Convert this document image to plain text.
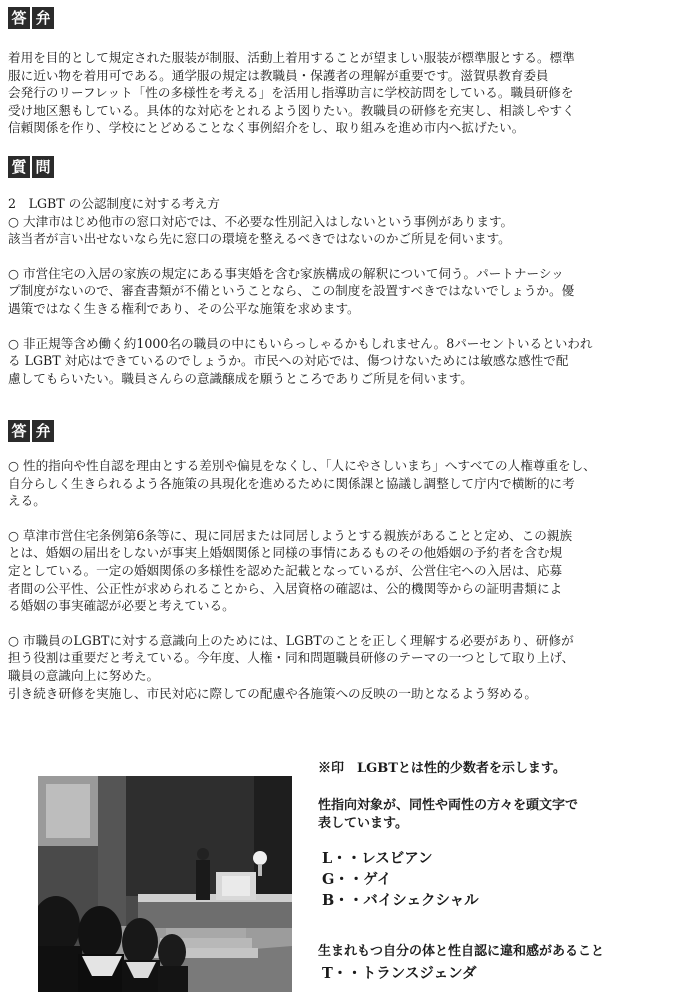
答 弁

着用を目的として規定された服装が制服、活動上着用することが望ましい服装が標準服とする。標準

服に近い物を着用可である。通学服の規定は教職員・保護者の理解が重要です。滋賀県教育委員

会発行のリーフレット「性の多様性を考える」を活用し指導助言に学校訪問をしている。職員研修を

受け地区懇もしている。具体的な対応をとれるよう図りたい。教職員の研修を充実し、相談しやすく

信頼関係を作り、学校にとどめることなく事例紹介をし、取り組みを進め市内へ拡げたい。

質 問

2　LGBT の公認制度に対する考え方

○ 大津市はじめ他市の窓口対応では、不必要な性別記入はしないという事例があります。

該当者が言い出せないなら先に窓口の環境を整えるべきではないのかご所見を伺います。

○ 市営住宅の入居の家族の規定にある事実婚を含む家族構成の解釈について伺う。パートナーシッ

プ制度がないので、審査書類が不備ということなら、この制度を設置すべきではないでしょうか。優

遇策ではなく生きる権利であり、その公平な施策を求めます。

○ 非正規等含め働く約1000名の職員の中にもいらっしゃるかもしれません。8パーセントいるといわれ

る LGBT 対応はできているのでしょうか。市民への対応では、傷つけないためには敏感な感性で配

慮してもらいたい。職員さんらの意識醸成を願うところでありご所見を伺います。

答 弁

○ 性的指向や性自認を理由とする差別や偏見をなくし、「人にやさしいまち」へすべての人権尊重をし、

自分らしく生きられるよう各施策の具現化を進めるために関係課と協議し調整して庁内で横断的に考

える。

○ 草津市営住宅条例第6条等に、現に同居または同居しようとする親族があることと定め、この親族

とは、婚姻の届出をしないが事実上婚姻関係と同様の事情にあるものその他婚姻の予約者を含む規

定としている。一定の婚姻関係の多様性を認めた記載となっているが、公営住宅への入居は、応募

者間の公平性、公正性が求められることから、入居資格の確認は、公的機関等からの証明書類によ

る婚姻の事実確認が必要と考えている。

○ 市職員のLGBTに対する意識向上のためには、LGBTのことを正しく理解する必要があり、研修が

担う役割は重要だと考えている。今年度、人権・同和問題職員研修のテーマの一つとして取り上げ、

職員の意識向上に努めた。

引き続き研修を実施し、市民対応に際しての配慮や各施策への反映の一助となるよう努める。

※印　LGBTとは性的少数者を示します。

性指向対象が、同性や両性の方々を頭文字で

表しています。

L・・レスビアン

G・・ゲイ

B・・バイシェクシャル

生まれもつ自分の体と性自認に違和感があること

T・・トランスジェンダ
